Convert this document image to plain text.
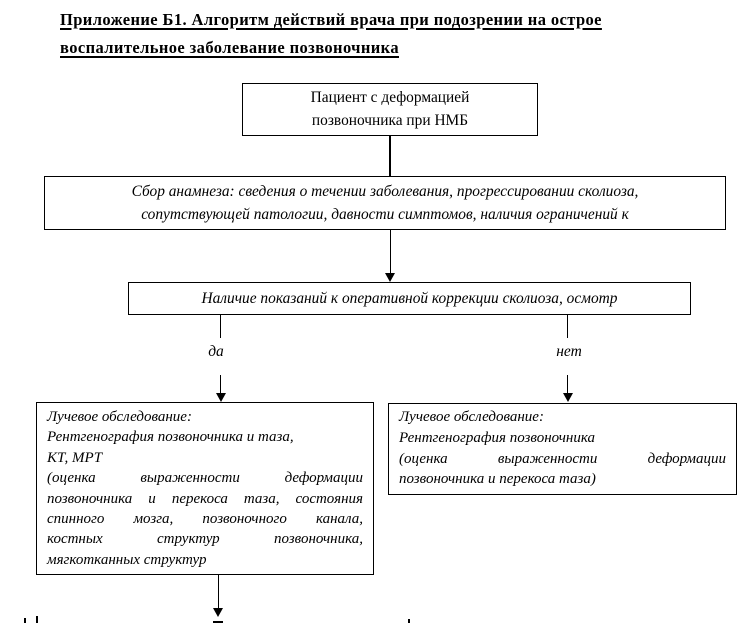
Приложение Б1. Алгоритм действий врача при подозрении на острое
воспалительное заболевание позвоночника
Пациент с деформацией
позвоночника при НМБ
Сбор анамнеза: сведения о течении заболевания, прогрессировании сколиоза,
сопутствующей патологии, давности симптомов, наличия ограничений к
Наличие показаний к оперативной коррекции сколиоза, осмотр
да	нет
Лучевое обследование:
Рентгенография позвоночника и таза,
КТ, МРТ
(оценка выраженности деформации
позвоночника и перекоса таза, состояния
спинного мозга, позвоночного канала,
костных структур позвоночника,
мягкотканных структур
Лучевое обследование:
Рентгенография позвоночника
(оценка выраженности деформации
позвоночника и перекоса таза)
